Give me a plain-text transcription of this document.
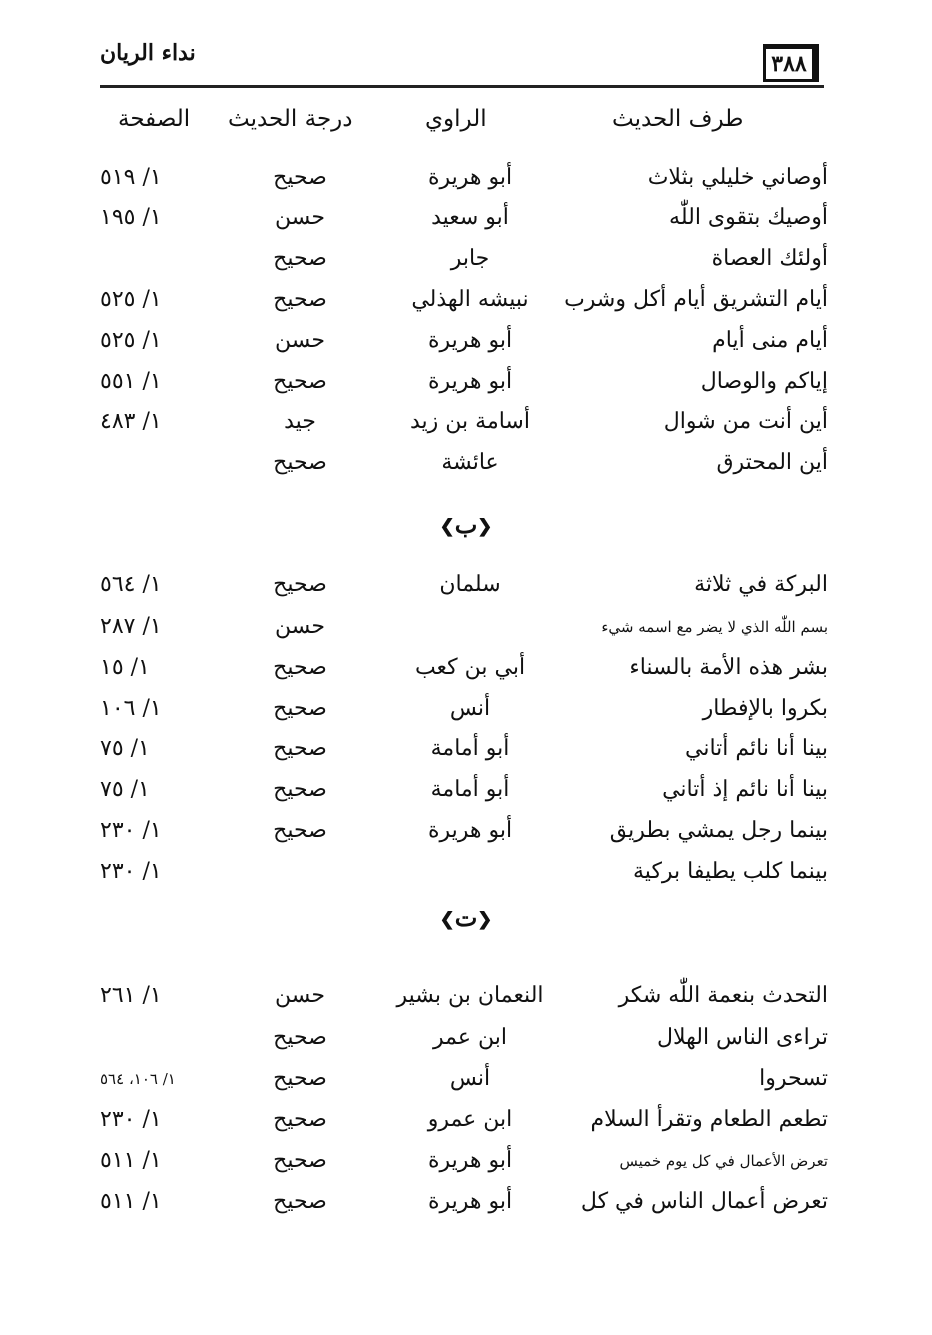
نداء الريان	٣٨٨
طرف الحديث
الراوي
درجة الحديث
الصفحة
أوصاني خليلي بثلاث
أبو هريرة
صحيح
١/ ٥١٩
أوصيك بتقوى اللّٰه
أبو سعيد
حسن
١/ ١٩٥
أولئك العصاة
جابر
صحيح
أيام التشريق أيام أكل وشرب
نبيشه الهذلي
صحيح
١/ ٥٢٥
أيام منى أيام
أبو هريرة
حسن
١/ ٥٢٥
إياكم والوصال
أبو هريرة
صحيح
١/ ٥٥١
أين أنت من شوال
أسامة بن زيد
جيد
١/ ٤٨٣
أين المحترق
عائشة
صحيح
❮ب❯
البركة في ثلاثة
سلمان
صحيح
١/ ٥٦٤
بسم اللّٰه الذي لا يضر مع اسمه شيء
حسن
١/ ٢٨٧
بشر هذه الأمة بالسناء
أبي بن كعب
صحيح
١/ ١٥
بكروا بالإفطار
أنس
صحيح
١/ ١٠٦
بينا أنا نائم أتاني
أبو أمامة
صحيح
١/ ٧٥
بينا أنا نائم إذ أتاني
أبو أمامة
صحيح
١/ ٧٥
بينما رجل يمشي بطريق
أبو هريرة
صحيح
١/ ٢٣٠
بينما كلب يطيفا بركية
١/ ٢٣٠
❮ت❯
التحدث بنعمة اللّٰه شكر
النعمان بن بشير
حسن
١/ ٢٦١
تراءى الناس الهلال
ابن عمر
صحيح
تسحروا
أنس
صحيح
١/ ١٠٦، ٥٦٤
تطعم الطعام وتقرأ السلام
ابن عمرو
صحيح
١/ ٢٣٠
تعرض الأعمال في كل يوم خميس
أبو هريرة
صحيح
١/ ٥١١
تعرض أعمال الناس في كل
أبو هريرة
صحيح
١/ ٥١١
